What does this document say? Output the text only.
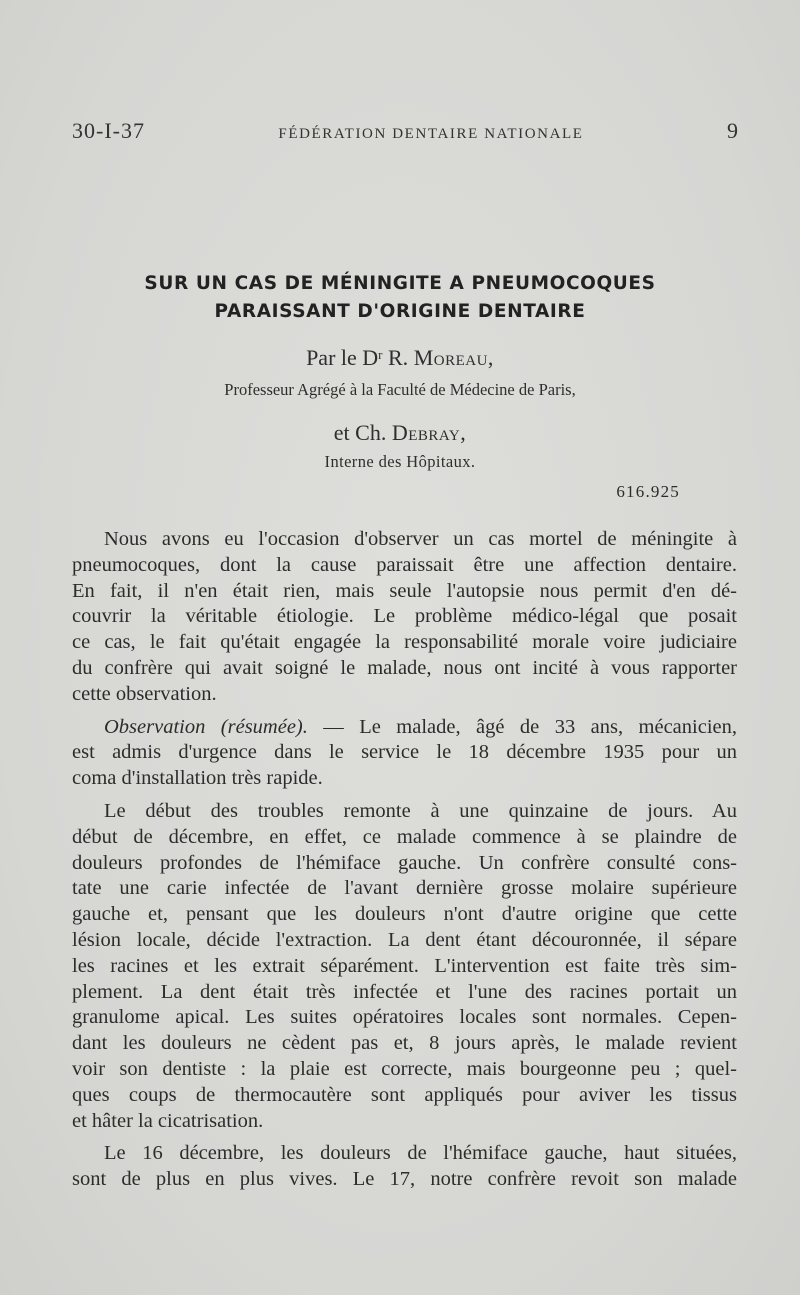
30-I-37	FÉDÉRATION DENTAIRE NATIONALE	9
SUR UN CAS DE MÉNINGITE A PNEUMOCOQUES
PARAISSANT D'ORIGINE DENTAIRE
Par le $D^r$ R. Moreau,
Professeur Agrégé à la Faculté de Médecine de Paris,
et Ch. Debray,
Interne des Hôpitaux.
616.925
Nous avons eu l'occasion d'observer un cas mortel de méningite à
pneumocoques, dont la cause paraissait être une affection dentaire.
En fait, il n'en était rien, mais seule l'autopsie nous permit d'en dé-
couvrir la véritable étiologie. Le problème médico-légal que posait
ce cas, le fait qu'était engagée la responsabilité morale voire judiciaire
du confrère qui avait soigné le malade, nous ont incité à vous rapporter
cette observation.
Observation (résumée). — Le malade, âgé de 33 ans, mécanicien,
est admis d'urgence dans le service le 18 décembre 1935 pour un
coma d'installation très rapide.
Le début des troubles remonte à une quinzaine de jours. Au
début de décembre, en effet, ce malade commence à se plaindre de
douleurs profondes de l'hémiface gauche. Un confrère consulté cons-
tate une carie infectée de l'avant dernière grosse molaire supérieure
gauche et, pensant que les douleurs n'ont d'autre origine que cette
lésion locale, décide l'extraction. La dent étant découronnée, il sépare
les racines et les extrait séparément. L'intervention est faite très sim-
plement. La dent était très infectée et l'une des racines portait un
granulome apical. Les suites opératoires locales sont normales. Cepen-
dant les douleurs ne cèdent pas et, 8 jours après, le malade revient
voir son dentiste : la plaie est correcte, mais bourgeonne peu ; quel-
ques coups de thermocautère sont appliqués pour aviver les tissus
et hâter la cicatrisation.
Le 16 décembre, les douleurs de l'hémiface gauche, haut situées,
sont de plus en plus vives. Le 17, notre confrère revoit son malade
